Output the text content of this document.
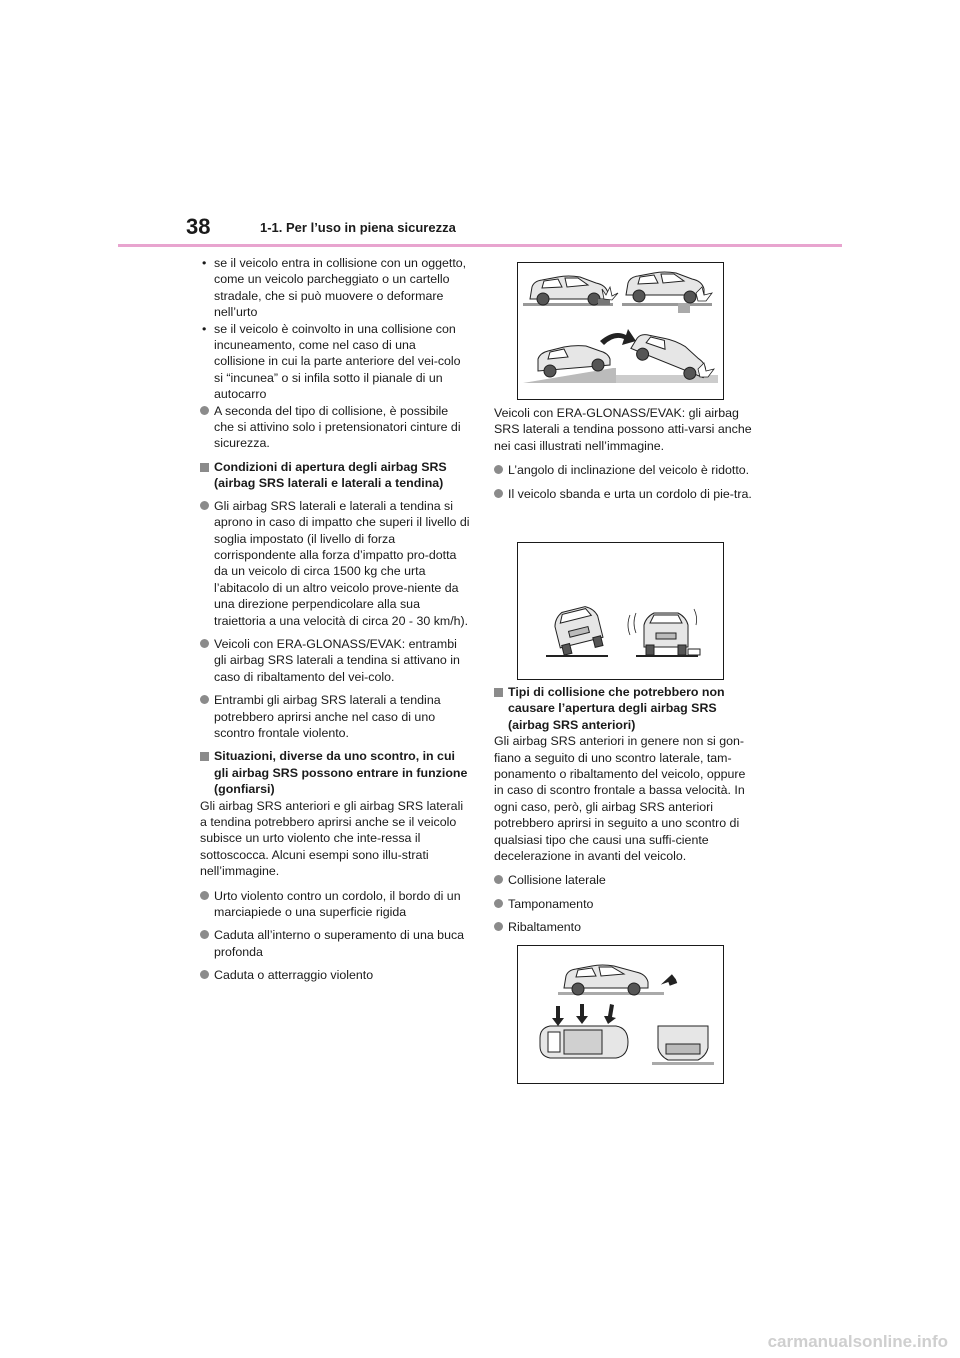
38	1-1. Per l’uso in piena sicurezza

• se il veicolo entra in collisione con un oggetto, come un veicolo parcheggiato o un cartello stradale, che si può muovere o deformare nell’urto

• se il veicolo è coinvolto in una collisione con incuneamento, come nel caso di una collisione in cui la parte anteriore del vei-colo si “incunea” o si infila sotto il pianale di un autocarro

A seconda del tipo di collisione, è possibile che si attivino solo i pretensionatori cinture di sicurezza.

Condizioni di apertura degli airbag SRS (airbag SRS laterali e laterali a tendina)

Gli airbag SRS laterali e laterali a tendina si aprono in caso di impatto che superi il livello di soglia impostato (il livello di forza corrispondente alla forza d’impatto pro-dotta da un veicolo di circa 1500 kg che urta l’abitacolo di un altro veicolo prove-niente da una direzione perpendicolare alla sua traiettoria a una velocità di circa 20 - 30 km/h).

Veicoli con ERA-GLONASS/EVAK: entrambi gli airbag SRS laterali a tendina si attivano in caso di ribaltamento del vei-colo.

Entrambi gli airbag SRS laterali a tendina potrebbero aprirsi anche nel caso di uno scontro frontale violento.

Situazioni, diverse da uno scontro, in cui gli airbag SRS possono entrare in funzione (gonfiarsi)

Gli airbag SRS anteriori e gli airbag SRS laterali a tendina potrebbero aprirsi anche se il veicolo subisce un urto violento che inte-ressa il sottoscocca. Alcuni esempi sono illu-strati nell’immagine.

Urto violento contro un cordolo, il bordo di un marciapiede o una superficie rigida

Caduta all’interno o superamento di una buca profonda

Caduta o atterraggio violento

Veicoli con ERA-GLONASS/EVAK: gli airbag SRS laterali a tendina possono atti-varsi anche nei casi illustrati nell’immagine.

L’angolo di inclinazione del veicolo è ridotto.

Il veicolo sbanda e urta un cordolo di pie-tra.

Tipi di collisione che potrebbero non causare l’apertura degli airbag SRS (airbag SRS anteriori)

Gli airbag SRS anteriori in genere non si gon-fiano a seguito di uno scontro laterale, tam-ponamento o ribaltamento del veicolo, oppure in caso di scontro frontale a bassa velocità. In ogni caso, però, gli airbag SRS anteriori potrebbero aprirsi in seguito a uno scontro di qualsiasi tipo che causi una suffi-ciente decelerazione in avanti del veicolo.

Collisione laterale

Tamponamento

Ribaltamento

carmanualsonline.info
